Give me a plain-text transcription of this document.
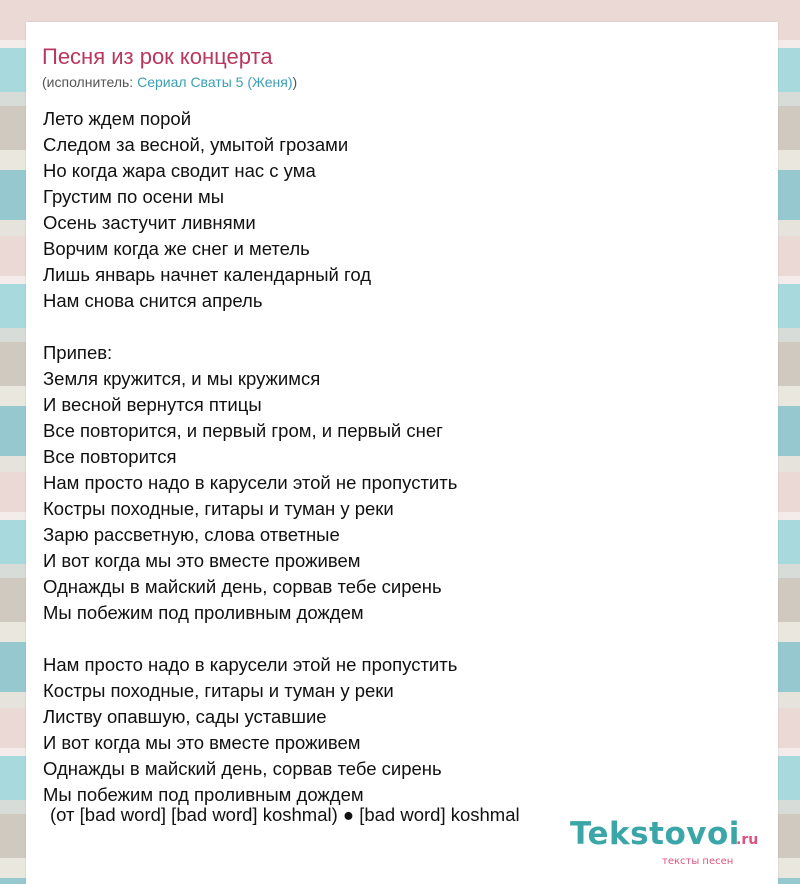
Песня из рок концерта
(исполнитель: Сериал Сваты 5 (Женя))
Лето ждем порой
Следом за весной, умытой грозами
Но когда жара сводит нас с ума
Грустим по осени мы
Осень застучит ливнями
Ворчим когда же снег и метель
Лишь январь начнет календарный год
Нам снова снится апрель
Припев:
Земля кружится, и мы кружимся
И весной вернутся птицы
Все повторится, и первый гром, и первый снег
Все повторится
Нам просто надо в карусели этой не пропустить
Костры походные, гитары и туман у реки
Зарю рассветную, слова ответные
И вот когда мы это вместе проживем
Однажды в майский день, сорвав тебе сирень
Мы побежим под проливным дождем
Нам просто надо в карусели этой не пропустить
Костры походные, гитары и туман у реки
Листву опавшую, сады уставшие
И вот когда мы это вместе проживем
Однажды в майский день, сорвав тебе сирень
Мы побежим под проливным дождем
(от [bad word] [bad word] koshmal) ● [bad word] koshmal
Tekstovoi
.ru
тексты песен
